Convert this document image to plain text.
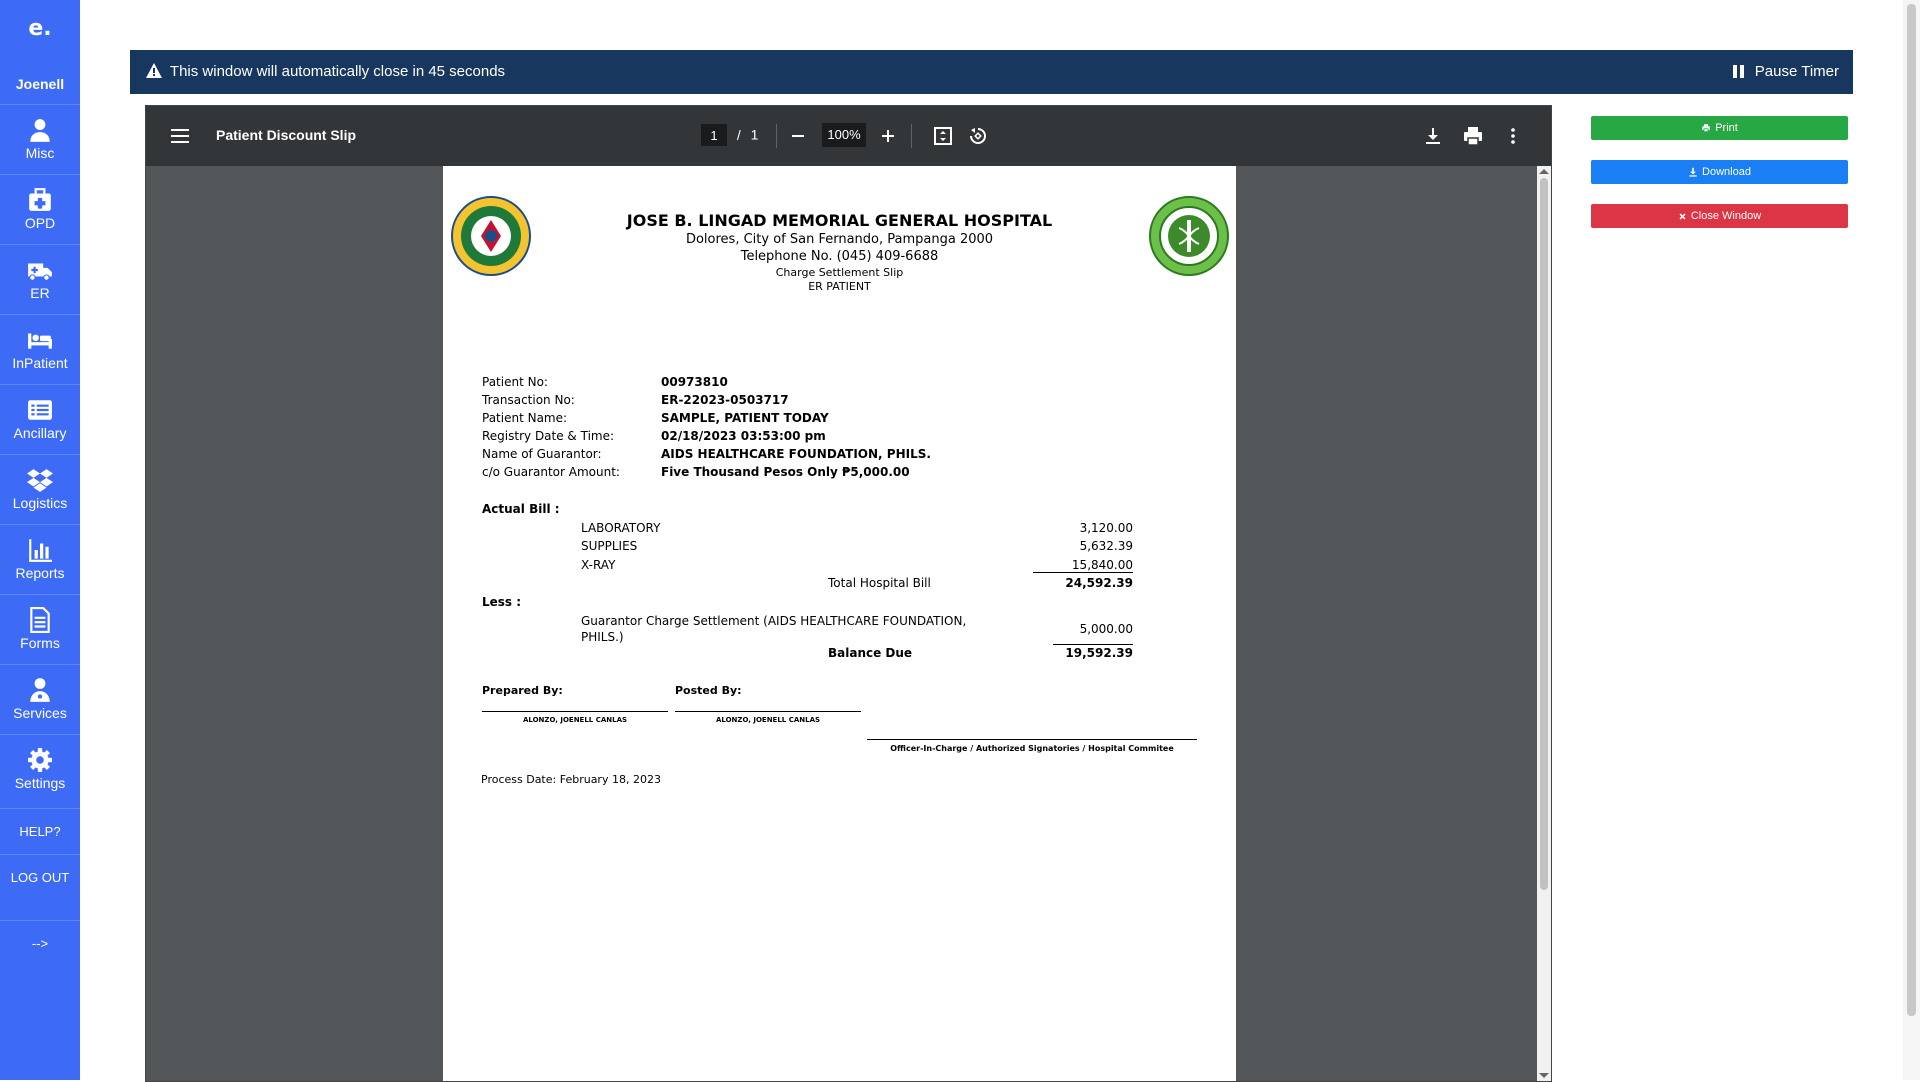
e.
Joenell
Misc
OPD
ER
InPatient
Ancillary
Logistics
Reports
Forms
Services
Settings
HELP?
LOG OUT
-->
This window will automatically close in 45 seconds	Pause Timer
Patient Discount Slip
1	/ 1	100%
JOSE B. LINGAD MEMORIAL GENERAL HOSPITAL
Dolores, City of San Fernando, Pampanga 2000
Telephone No. (045) 409-6688
Charge Settlement Slip
ER PATIENT
Patient No:	00973810
Transaction No:	ER-22023-0503717
Patient Name:	SAMPLE, PATIENT TODAY
Registry Date & Time:	02/18/2023 03:53:00 pm
Name of Guarantor:	AIDS HEALTHCARE FOUNDATION, PHILS.
c/o Guarantor Amount:	Five Thousand Pesos Only ₱5,000.00
Actual Bill :
LABORATORY	3,120.00
SUPPLIES	5,632.39
X-RAY	15,840.00
Total Hospital Bill	24,592.39
Less :
Guarantor Charge Settlement (AIDS HEALTHCARE FOUNDATION,
PHILS.)
5,000.00
Balance Due	19,592.39
Prepared By:	Posted By:
ALONZO, JOENELL CANLAS	ALONZO, JOENELL CANLAS
Officer-In-Charge / Authorized Signatories / Hospital Commitee
Process Date: February 18, 2023
Print
Download
Close Window
